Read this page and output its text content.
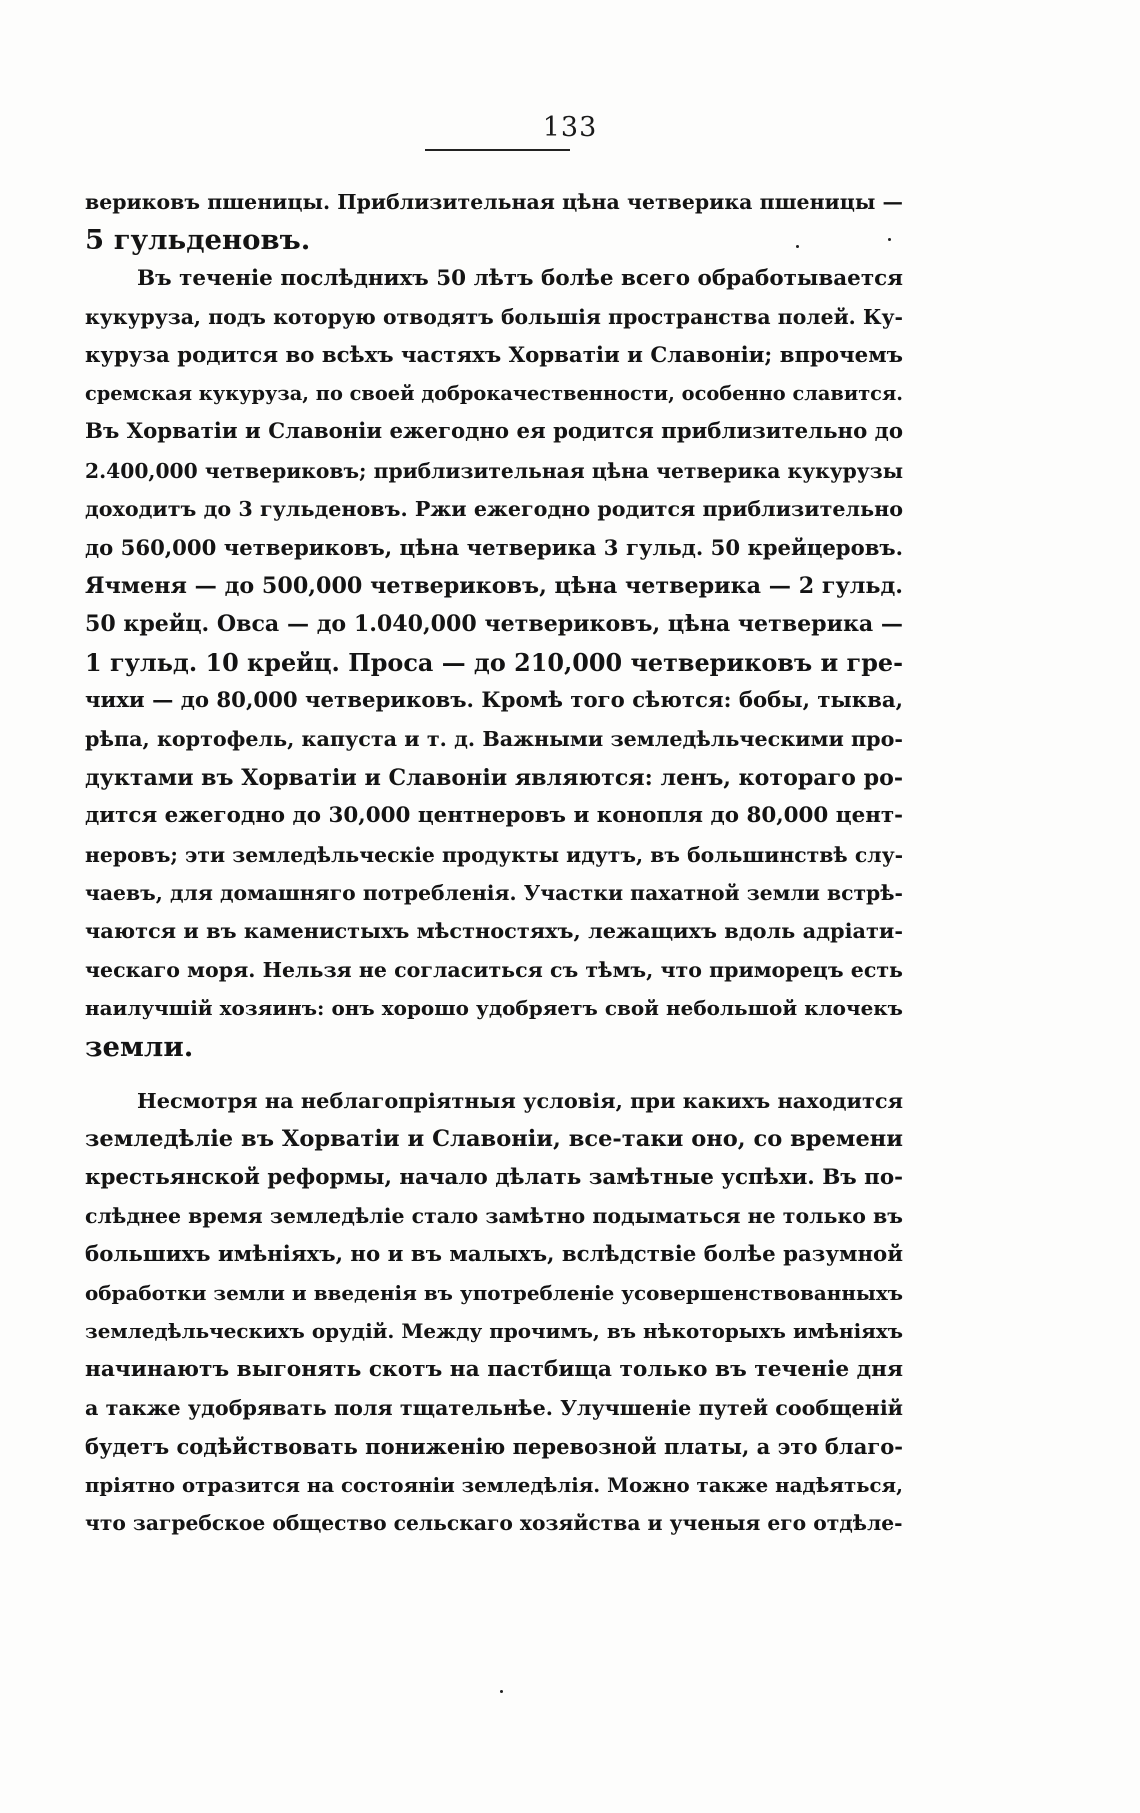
133
вериковъ пшеницы. Приблизительная цѣна четверика пшеницы —
5 гульденовъ.
Въ теченіе послѣднихъ 50 лѣтъ болѣе всего обработывается
кукуруза, подъ которую отводятъ большія пространства полей. Ку-
куруза родится во всѣхъ частяхъ Хорватіи и Славоніи; впрочемъ
сремская кукуруза, по своей доброкачественности, особенно славится.
Въ Хорватіи и Славоніи ежегодно ея родится приблизительно до
2.400,000 четвериковъ; приблизительная цѣна четверика кукурузы
доходитъ до 3 гульденовъ. Ржи ежегодно родится приблизительно
до 560,000 четвериковъ, цѣна четверика 3 гульд. 50 крейцеровъ.
Ячменя — до 500,000 четвериковъ, цѣна четверика — 2 гульд.
50 крейц. Овса — до 1.040,000 четвериковъ, цѣна четверика —
1 гульд. 10 крейц. Проса — до 210,000 четвериковъ и гре-
чихи — до 80,000 четвериковъ. Кромѣ того сѣются: бобы, тыква,
рѣпа, кортофель, капуста и т. д. Важными земледѣльческими про-
дуктами въ Хорватіи и Славоніи являются: ленъ, котораго ро-
дится ежегодно до 30,000 центнеровъ и конопля до 80,000 цент-
неровъ; эти земледѣльческіе продукты идутъ, въ большинствѣ слу-
чаевъ, для домашняго потребленія. Участки пахатной земли встрѣ-
чаются и въ каменистыхъ мѣстностяхъ, лежащихъ вдоль адріати-
ческаго моря. Нельзя не согласиться съ тѣмъ, что приморецъ есть
наилучшій хозяинъ: онъ хорошо удобряетъ свой небольшой клочекъ
земли.
Несмотря на неблагопріятныя условія, при какихъ находится
земледѣліе въ Хорватіи и Славоніи, все-таки оно, со времени
крестьянской реформы, начало дѣлать замѣтные успѣхи. Въ по-
слѣднее время земледѣліе стало замѣтно подыматься не только въ
большихъ имѣніяхъ, но и въ малыхъ, вслѣдствіе болѣе разумной
обработки земли и введенія въ употребленіе усовершенствованныхъ
земледѣльческихъ орудій. Между прочимъ, въ нѣкоторыхъ имѣніяхъ
начинаютъ выгонять скотъ на пастбища только въ теченіе дня
а также удобрявать поля тщательнѣе. Улучшеніе путей сообщеній
будетъ содѣйствовать пониженію перевозной платы, а это благо-
пріятно отразится на состояніи земледѣлія. Можно также надѣяться,
что загребское общество сельскаго хозяйства и ученыя его отдѣле-
